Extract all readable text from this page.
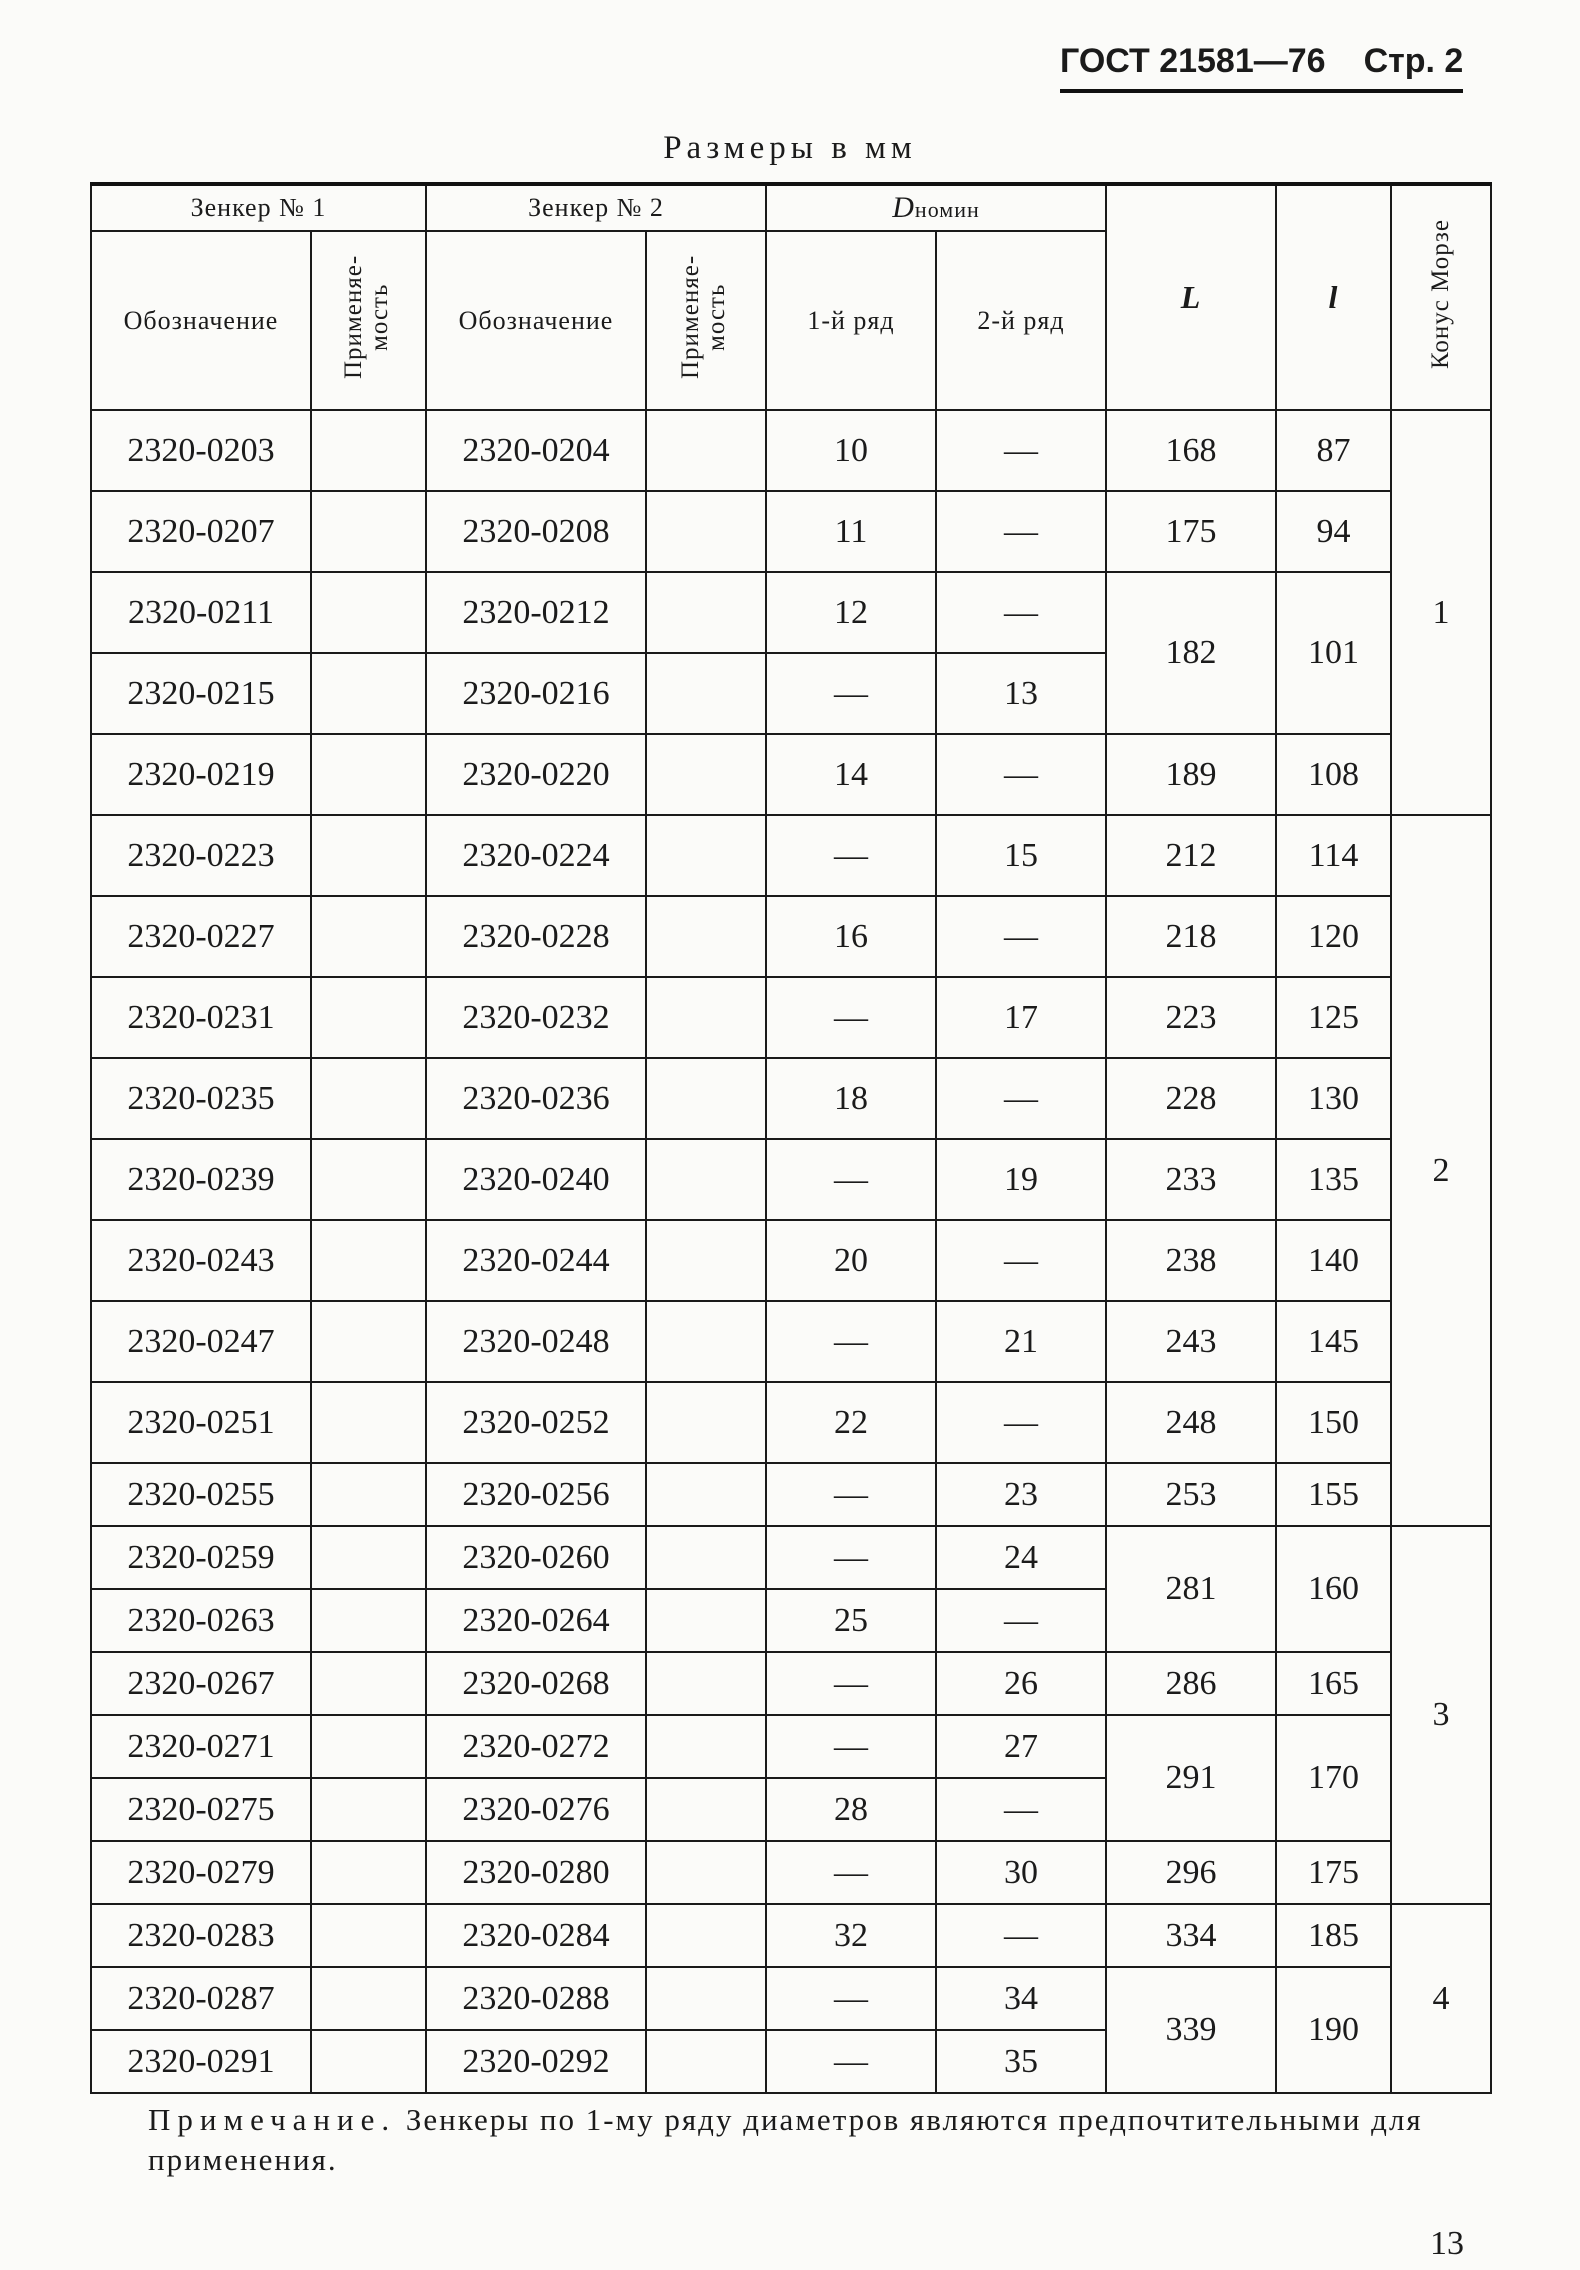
ГОСТ 21581—76 Стр. 2
Размеры в мм
Зенкер № 1		Зенкер № 2		Dномин		L	l	Конус Морзе
Обозначение	Применяе-мость	Обозначение	Применяе-мость	1-й ряд	2-й ряд			
2320-0203		2320-0204		10	—	168	87	1
2320-0207		2320-0208		11	—	175	94	
2320-0211		2320-0212		12	—	182	101	
2320-0215		2320-0216		—	13			
2320-0219		2320-0220		14	—	189	108	
2320-0223		2320-0224		—	15	212	114	2
2320-0227		2320-0228		16	—	218	120	
2320-0231		2320-0232		—	17	223	125	
2320-0235		2320-0236		18	—	228	130	
2320-0239		2320-0240		—	19	233	135	
2320-0243		2320-0244		20	—	238	140	
2320-0247		2320-0248		—	21	243	145	
2320-0251		2320-0252		22	—	248	150	
2320-0255		2320-0256		—	23	253	155	
2320-0259		2320-0260		—	24	281	160	3
2320-0263		2320-0264		25	—			
2320-0267		2320-0268		—	26	286	165	
2320-0271		2320-0272		—	27	291	170	
2320-0275		2320-0276		28	—			
2320-0279		2320-0280		—	30	296	175	
2320-0283		2320-0284		32	—	334	185	4
2320-0287		2320-0288		—	34	339	190	
2320-0291		2320-0292		—	35			
Примечание. Зенкеры по 1-му ряду диаметров являются предпочтительными для применения.
13
